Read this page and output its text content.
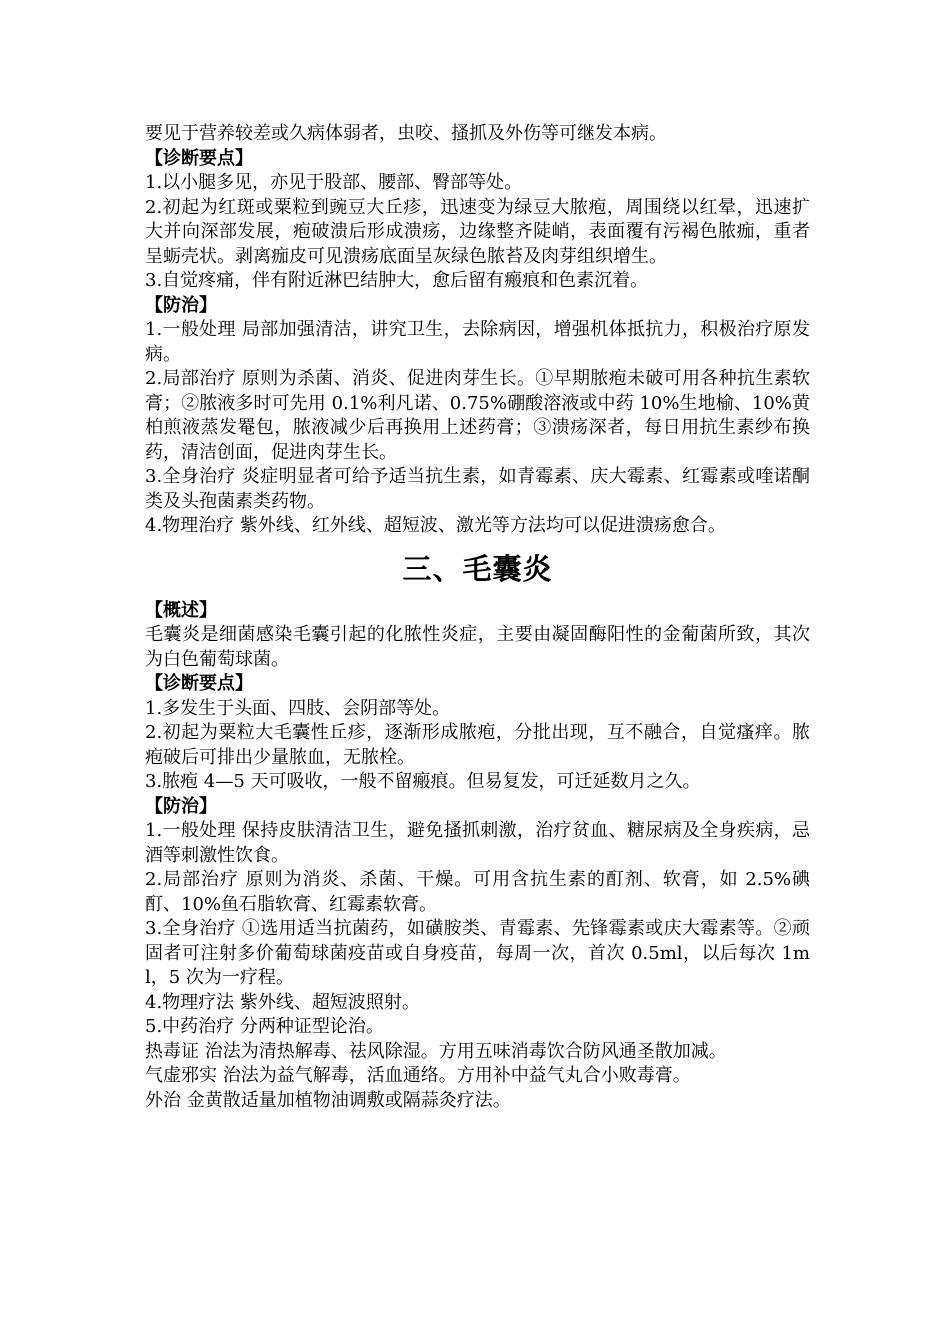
要见于营养较差或久病体弱者，虫咬、搔抓及外伤等可继发本病。

【诊断要点】

1.以小腿多见，亦见于股部、腰部、臀部等处。

2.初起为红斑或粟粒到豌豆大丘疹，迅速变为绿豆大脓疱，周围绕以红晕，迅速扩大并向深部发展，疱破溃后形成溃疡，边缘整齐陡峭，表面覆有污褐色脓痂，重者呈蛎壳状。剥离痂皮可见溃疡底面呈灰绿色脓苔及肉芽组织增生。

3.自觉疼痛，伴有附近淋巴结肿大，愈后留有瘢痕和色素沉着。

【防治】

1.一般处理 局部加强清洁，讲究卫生，去除病因，增强机体抵抗力，积极治疗原发病。

2.局部治疗 原则为杀菌、消炎、促进肉芽生长。①早期脓疱未破可用各种抗生素软膏；②脓液多时可先用 0.1%利凡诺、0.75%硼酸溶液或中药 10%生地榆、10%黄柏煎液蒸发罨包，脓液减少后再换用上述药膏；③溃疡深者，每日用抗生素纱布换药，清洁创面，促进肉芽生长。

3.全身治疗 炎症明显者可给予适当抗生素，如青霉素、庆大霉素、红霉素或喹诺酮类及头孢菌素类药物。

4.物理治疗 紫外线、红外线、超短波、激光等方法均可以促进溃疡愈合。

三、毛囊炎

【概述】

毛囊炎是细菌感染毛囊引起的化脓性炎症，主要由凝固酶阳性的金葡菌所致，其次为白色葡萄球菌。

【诊断要点】

1.多发生于头面、四肢、会阴部等处。

2.初起为粟粒大毛囊性丘疹，逐渐形成脓疱，分批出现，互不融合，自觉瘙痒。脓疱破后可排出少量脓血，无脓栓。

3.脓疱 4—5 天可吸收，一般不留瘢痕。但易复发，可迁延数月之久。

【防治】

1.一般处理 保持皮肤清洁卫生，避免搔抓刺激，治疗贫血、糖尿病及全身疾病，忌酒等刺激性饮食。

2.局部治疗 原则为消炎、杀菌、干燥。可用含抗生素的酊剂、软膏，如 2.5%碘酊、10%鱼石脂软膏、红霉素软膏。

3.全身治疗 ①选用适当抗菌药，如磺胺类、青霉素、先锋霉素或庆大霉素等。②顽固者可注射多价葡萄球菌疫苗或自身疫苗，每周一次，首次 0.5ml，以后每次 1ml，5 次为一疗程。

4.物理疗法 紫外线、超短波照射。

5.中药治疗 分两种证型论治。

热毒证 治法为清热解毒、祛风除湿。方用五味消毒饮合防风通圣散加减。

气虚邪实 治法为益气解毒，活血通络。方用补中益气丸合小败毒膏。

外治 金黄散适量加植物油调敷或隔蒜灸疗法。
